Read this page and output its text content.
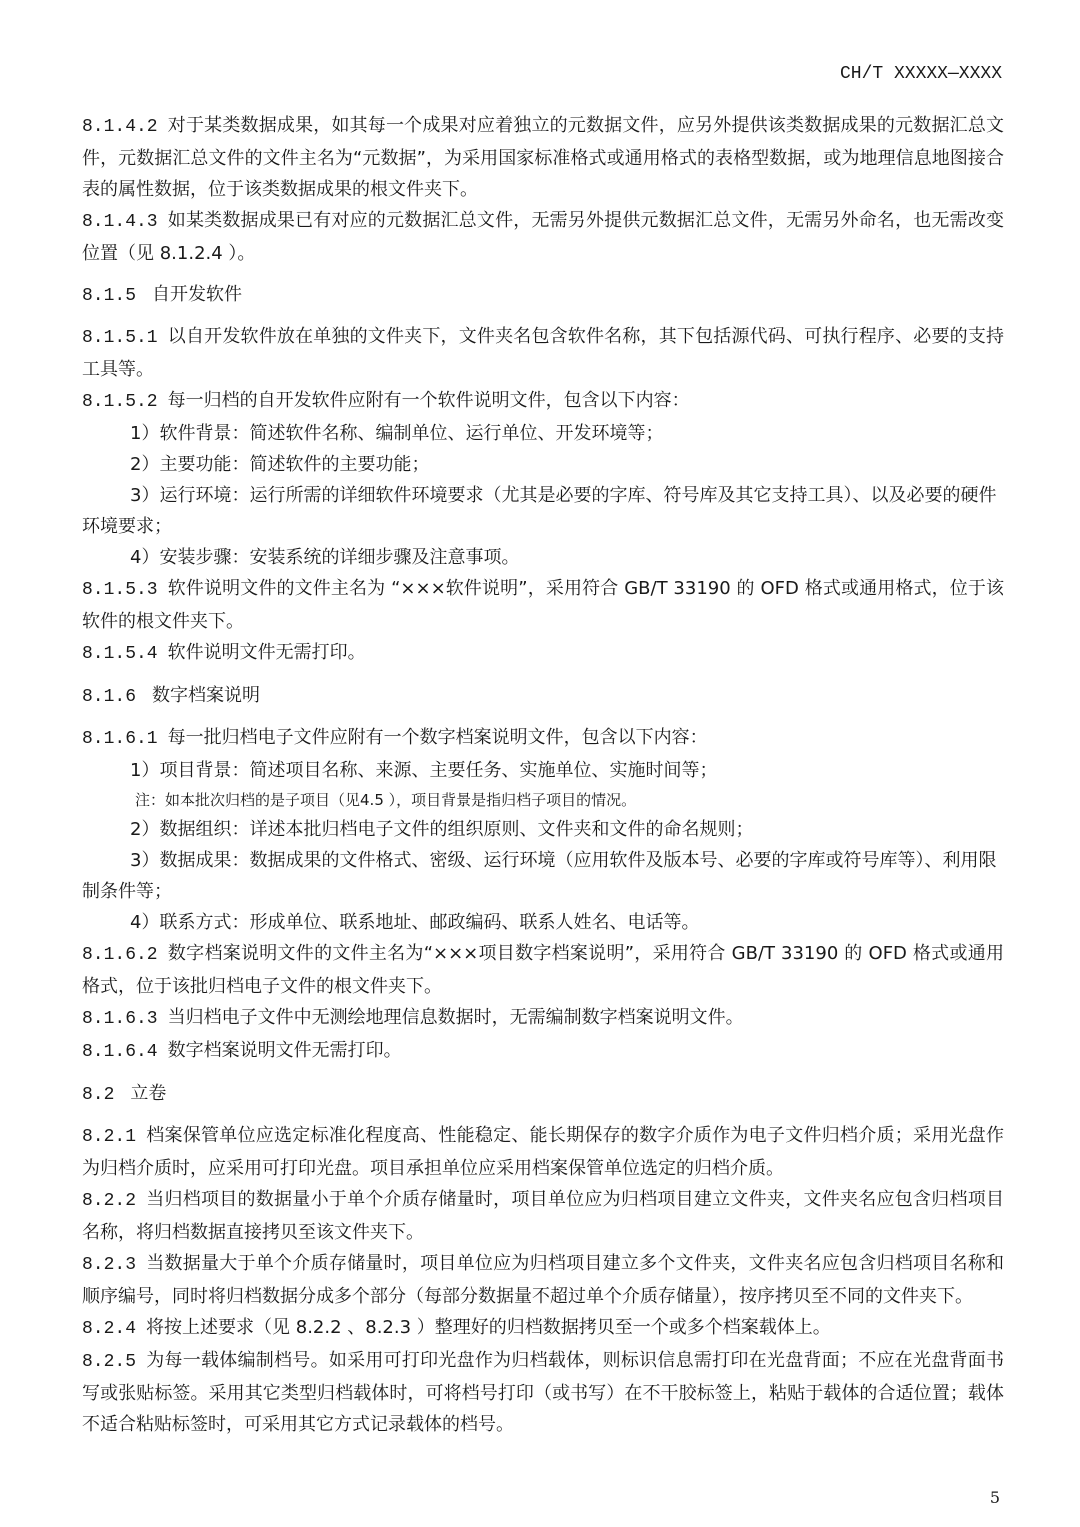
CH/T XXXXX—XXXX

8.1.4.2 对于某类数据成果，如其每一个成果对应着独立的元数据文件，应另外提供该类数据成果的元数据汇总文件，元数据汇总文件的文件主名为“元数据”，为采用国家标准格式或通用格式的表格型数据，或为地理信息地图接合表的属性数据，位于该类数据成果的根文件夹下。

8.1.4.3 如某类数据成果已有对应的元数据汇总文件，无需另外提供元数据汇总文件，无需另外命名，也无需改变位置（见 8.1.2.4 ）。

8.1.5 自开发软件

8.1.5.1 以自开发软件放在单独的文件夹下，文件夹名包含软件名称，其下包括源代码、可执行程序、必要的支持工具等。

8.1.5.2 每一归档的自开发软件应附有一个软件说明文件，包含以下内容：

1）软件背景：简述软件名称、编制单位、运行单位、开发环境等；

2）主要功能：简述软件的主要功能；

3）运行环境：运行所需的详细软件环境要求（尤其是必要的字库、符号库及其它支持工具）、以及必要的硬件环境要求；

4）安装步骤：安装系统的详细步骤及注意事项。

8.1.5.3 软件说明文件的文件主名为 “×××软件说明”，采用符合 GB/T 33190 的 OFD 格式或通用格式，位于该软件的根文件夹下。

8.1.5.4 软件说明文件无需打印。

8.1.6 数字档案说明

8.1.6.1 每一批归档电子文件应附有一个数字档案说明文件，包含以下内容：

1）项目背景：简述项目名称、来源、主要任务、实施单位、实施时间等；

注：如本批次归档的是子项目（见4.5 ），项目背景是指归档子项目的情况。

2）数据组织：详述本批归档电子文件的组织原则、文件夹和文件的命名规则；

3）数据成果：数据成果的文件格式、密级、运行环境（应用软件及版本号、必要的字库或符号库等）、利用限制条件等；

4）联系方式：形成单位、联系地址、邮政编码、联系人姓名、电话等。

8.1.6.2 数字档案说明文件的文件主名为“×××项目数字档案说明”，采用符合 GB/T 33190 的 OFD 格式或通用格式，位于该批归档电子文件的根文件夹下。

8.1.6.3 当归档电子文件中无测绘地理信息数据时，无需编制数字档案说明文件。

8.1.6.4 数字档案说明文件无需打印。

8.2 立卷

8.2.1 档案保管单位应选定标准化程度高、性能稳定、能长期保存的数字介质作为电子文件归档介质；采用光盘作为归档介质时，应采用可打印光盘。项目承担单位应采用档案保管单位选定的归档介质。

8.2.2 当归档项目的数据量小于单个介质存储量时，项目单位应为归档项目建立文件夹，文件夹名应包含归档项目名称，将归档数据直接拷贝至该文件夹下。

8.2.3 当数据量大于单个介质存储量时，项目单位应为归档项目建立多个文件夹，文件夹名应包含归档项目名称和顺序编号，同时将归档数据分成多个部分（每部分数据量不超过单个介质存储量），按序拷贝至不同的文件夹下。

8.2.4 将按上述要求（见 8.2.2 、8.2.3 ）整理好的归档数据拷贝至一个或多个档案载体上。

8.2.5 为每一载体编制档号。如采用可打印光盘作为归档载体，则标识信息需打印在光盘背面；不应在光盘背面书写或张贴标签。采用其它类型归档载体时，可将档号打印（或书写）在不干胶标签上，粘贴于载体的合适位置；载体不适合粘贴标签时，可采用其它方式记录载体的档号。

5
